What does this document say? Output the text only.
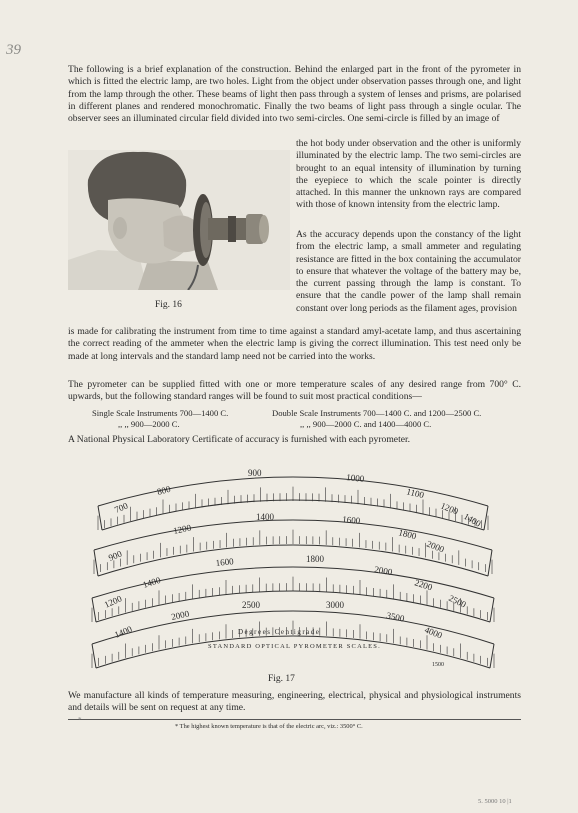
39
The following is a brief explanation of the construction. Behind the enlarged part in the front of the pyrometer in which is fitted the electric lamp, are two holes. Light from the object under observation passes through one, and light from the lamp through the other. These beams of light then pass through a system of lenses and prisms, are polarised in different planes and rendered monochromatic. Finally the two beams of light pass through a single ocular. The observer sees an illuminated circular field divided into two semi-circles. One semi-circle is filled by an image of
the hot body under observation and the other is uniformly illuminated by the electric lamp. The two semi-circles are brought to an equal intensity of illumination by turning the eyepiece to which the scale pointer is directly attached. In this manner the unknown rays are compared with those of known intensity from the electric lamp.
Fig. 16
As the accuracy depends upon the constancy of the light from the electric lamp, a small ammeter and regulating resistance are fitted in the box containing the accumulator to ensure that whatever the voltage of the battery may be, the current passing through the lamp is constant. To ensure that the candle power of the lamp shall remain constant over long periods as the filament ages, provision
is made for calibrating the instrument from time to time against a standard amyl-acetate lamp, and thus ascertaining the correct reading of the ammeter when the electric lamp is giving the correct illumination. This test need only be made at long intervals and the standard lamp need not be carried into the works.
The pyrometer can be supplied fitted with one or more temperature scales of any desired range from 700° C. upwards, but the following standard ranges will be found to suit most practical conditions—
Single Scale Instruments 700—1400 C.
,, ,, 900—2000 C.
Double Scale Instruments 700—1400 C. and 1200—2500 C.
,, ,, 900—2000 C. and 1400—4000 C.
A National Physical Laboratory Certificate of accuracy is furnished with each pyrometer.
700
800
900	1000
1100
1200
1400
900
1200
1400	1600
1800
2000
1200
1400
1600	1800
2000
2200
2500
1400
2000
2500	3000
3500
4000
Degrees Centigrade
STANDARD OPTICAL PYROMETER SCALES.
1500
Fig. 17
We manufacture all kinds of temperature measuring, engineering, electrical, physical and physiological instruments and details will be sent on request at any time.
*
* The highest known temperature is that of the electric arc, viz.: 3500° C.
5. 5000 10 |1
